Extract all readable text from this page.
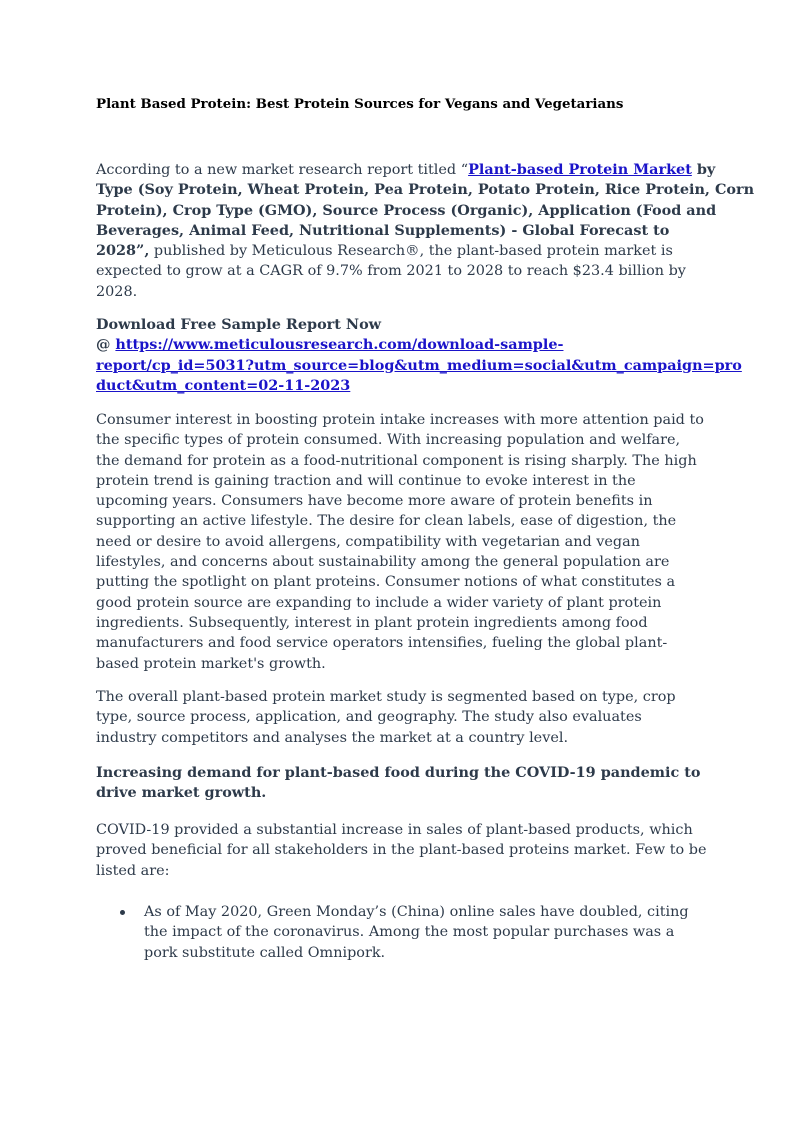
Plant Based Protein: Best Protein Sources for Vegans and Vegetarians

According to a new market research report titled “Plant-based Protein Market by
Type (Soy Protein, Wheat Protein, Pea Protein, Potato Protein, Rice Protein, Corn
Protein), Crop Type (GMO), Source Process (Organic), Application (Food and
Beverages, Animal Feed, Nutritional Supplements) - Global Forecast to
2028”, published by Meticulous Research®, the plant-based protein market is
expected to grow at a CAGR of 9.7% from 2021 to 2028 to reach $23.4 billion by
2028.

Download Free Sample Report Now
@ https://www.meticulousresearch.com/download-sample-
report/cp_id=5031?utm_source=blog&utm_medium=social&utm_campaign=pro
duct&utm_content=02-11-2023

Consumer interest in boosting protein intake increases with more attention paid to
the specific types of protein consumed. With increasing population and welfare,
the demand for protein as a food-nutritional component is rising sharply. The high
protein trend is gaining traction and will continue to evoke interest in the
upcoming years. Consumers have become more aware of protein benefits in
supporting an active lifestyle. The desire for clean labels, ease of digestion, the
need or desire to avoid allergens, compatibility with vegetarian and vegan
lifestyles, and concerns about sustainability among the general population are
putting the spotlight on plant proteins. Consumer notions of what constitutes a
good protein source are expanding to include a wider variety of plant protein
ingredients. Subsequently, interest in plant protein ingredients among food
manufacturers and food service operators intensifies, fueling the global plant-
based protein market's growth.

The overall plant-based protein market study is segmented based on type, crop
type, source process, application, and geography. The study also evaluates
industry competitors and analyses the market at a country level.

Increasing demand for plant-based food during the COVID-19 pandemic to
drive market growth.

COVID-19 provided a substantial increase in sales of plant-based products, which
proved beneficial for all stakeholders in the plant-based proteins market. Few to be
listed are:

As of May 2020, Green Monday’s (China) online sales have doubled, citing
the impact of the coronavirus. Among the most popular purchases was a
pork substitute called Omnipork.
